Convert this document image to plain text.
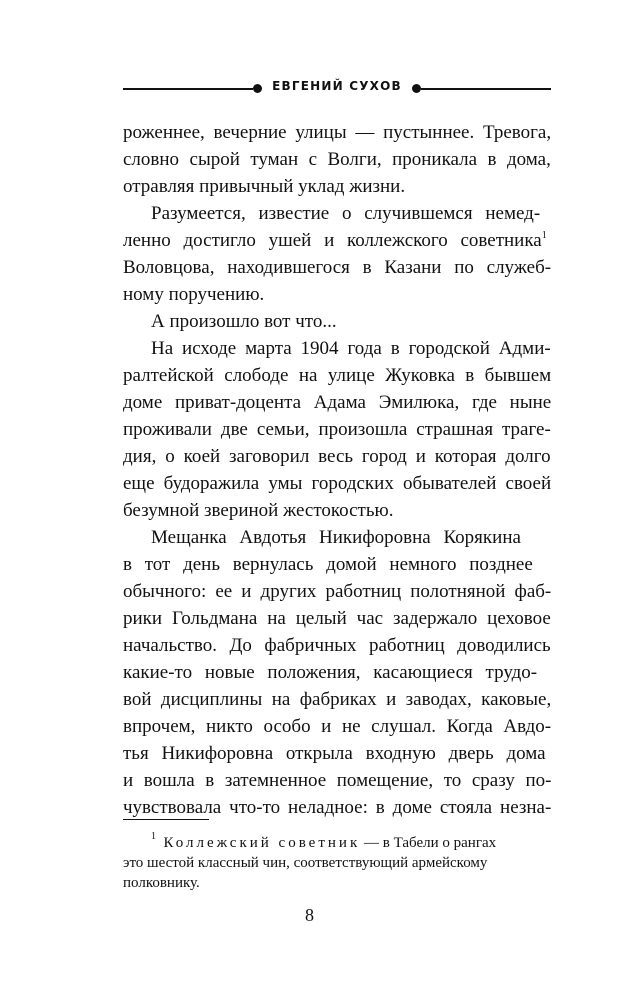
ЕВГЕНИЙ СУХОВ
роженнее, вечерние улицы — пустыннее. Тревога,
словно сырой туман с Волги, проникала в дома,
отравляя привычный уклад жизни.
Разумеется, известие о случившемся немед-
ленно достигло ушей и коллежского советника$^1$
Воловцова, находившегося в Казани по служеб-
ному поручению.
А произошло вот что...
На исходе марта 1904 года в городской Адми-
ралтейской слободе на улице Жуковка в бывшем
доме приват-доцента Адама Эмилюка, где ныне
проживали две семьи, произошла страшная траге-
дия, о коей заговорил весь город и которая долго
еще будоражила умы городских обывателей своей
безумной звериной жестокостью.
Мещанка Авдотья Никифоровна Корякина
в тот день вернулась домой немного позднее
обычного: ее и других работниц полотняной фаб-
рики Гольдмана на целый час задержало цеховое
начальство. До фабричных работниц доводились
какие-то новые положения, касающиеся трудо-
вой дисциплины на фабриках и заводах, каковые,
впрочем, никто особо и не слушал. Когда Авдо-
тья Никифоровна открыла входную дверь дома
и вошла в затемненное помещение, то сразу по-
чувствовала что-то неладное: в доме стояла незна-
$^1$ Коллежский советник — в Табели о рангах
это шестой классный чин, соответствующий армейскому
полковнику.
8
